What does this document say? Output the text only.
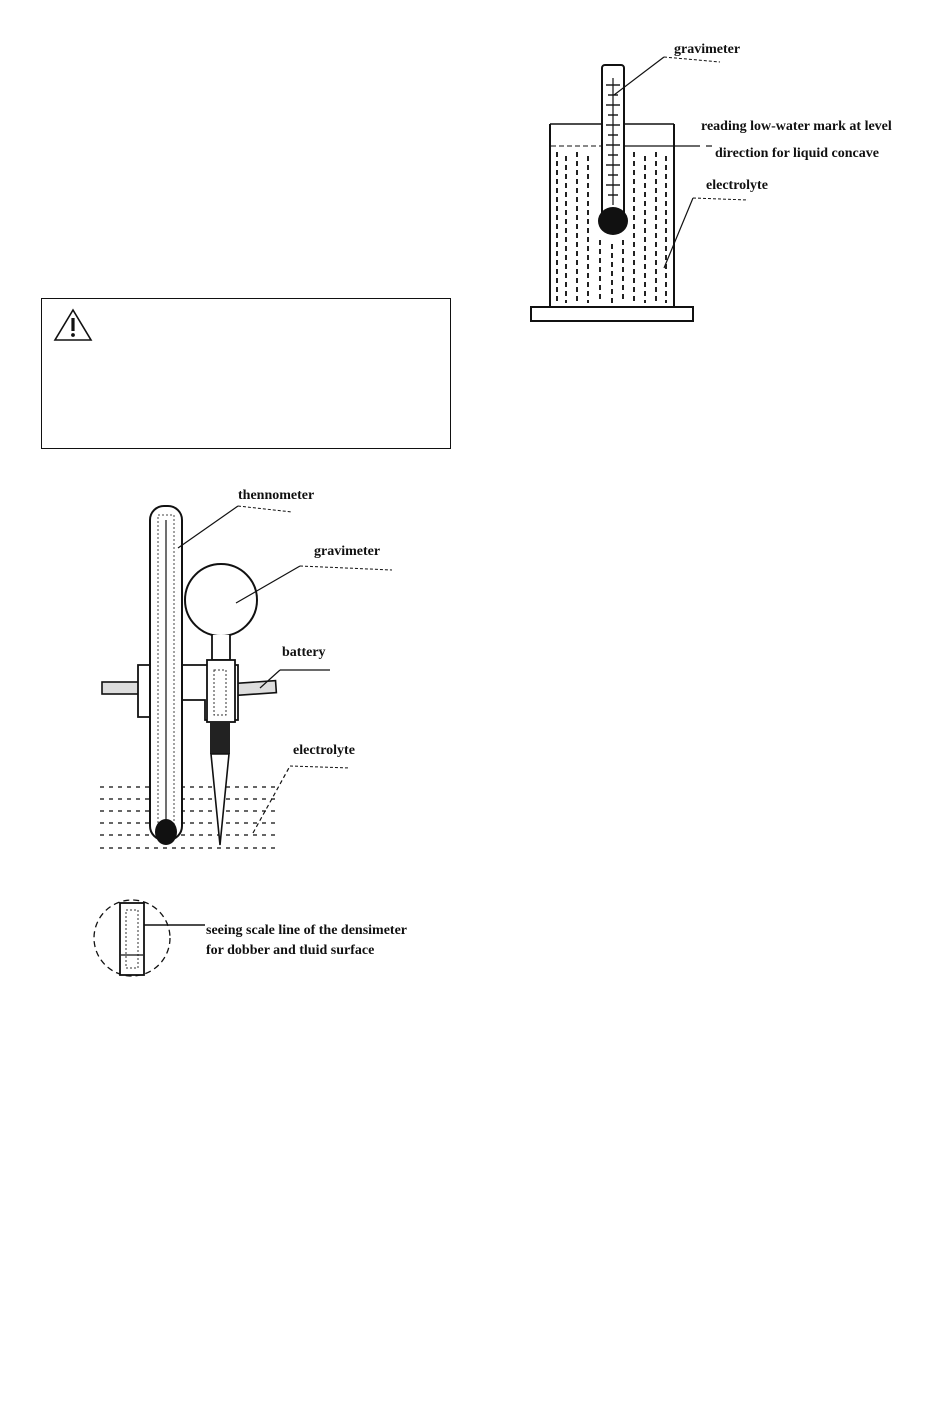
gravimeter
reading low-water mark at level
direction for liquid concave
electrolyte
thennometer
gravimeter
battery
electrolyte
seeing scale line of the densimeter
for dobber and tluid surface
